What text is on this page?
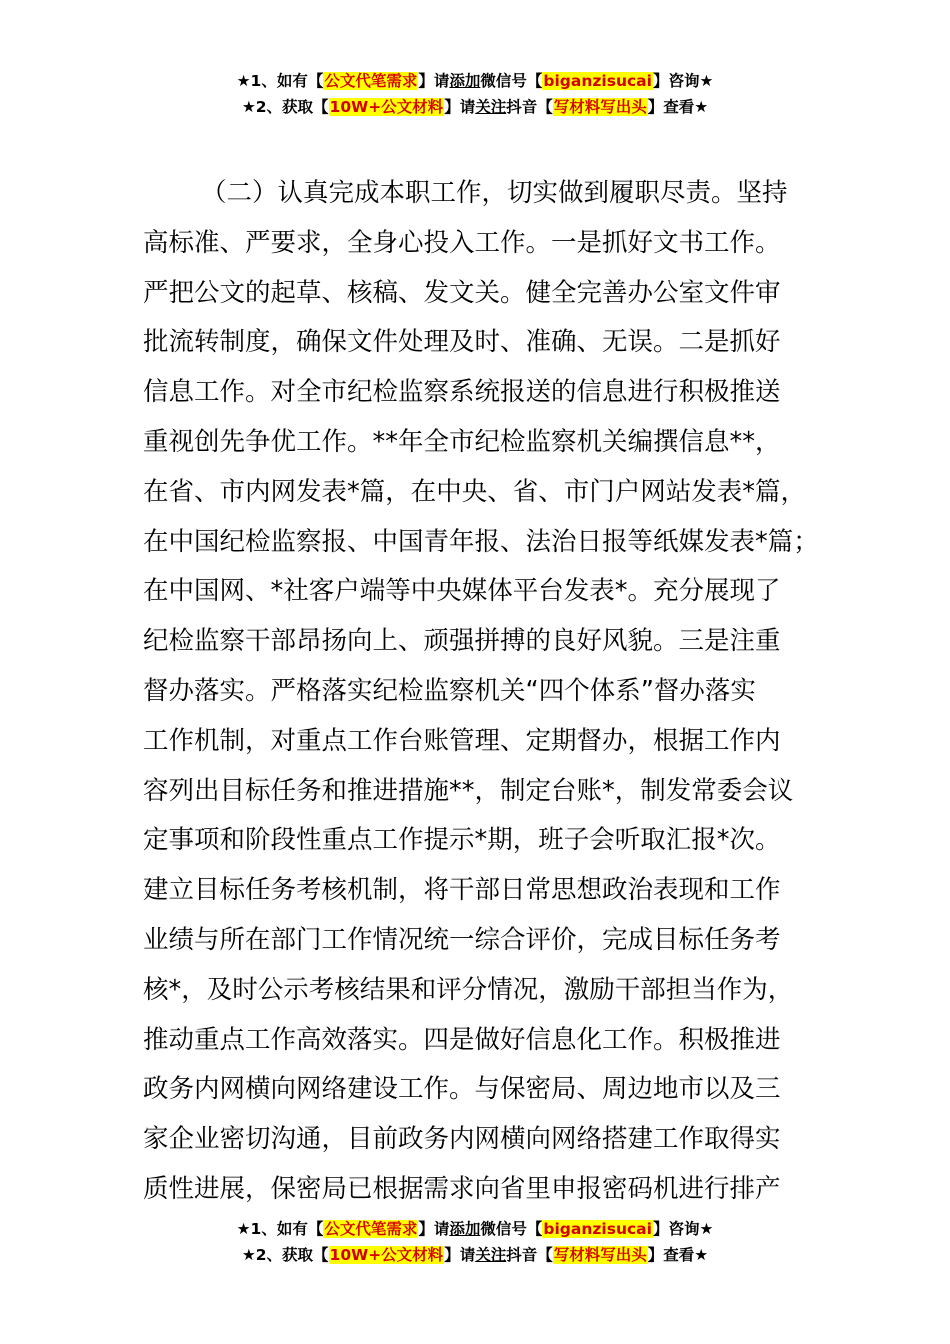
★1、如有【公文代笔需求】请添加微信号【biganzisucai】咨询★
★2、获取【10W+公文材料】请关注抖音【写材料写出头】查看★
（二）认真完成本职工作，切实做到履职尽责。坚持
高标准、严要求，全身心投入工作。一是抓好文书工作。
严把公文的起草、核稿、发文关。健全完善办公室文件审
批流转制度，确保文件处理及时、准确、无误。二是抓好
信息工作。对全市纪检监察系统报送的信息进行积极推送
重视创先争优工作。**年全市纪检监察机关编撰信息**，
在省、市内网发表*篇，在中央、省、市门户网站发表*篇，
在中国纪检监察报、中国青年报、法治日报等纸媒发表*篇；
在中国网、*社客户端等中央媒体平台发表*。充分展现了
纪检监察干部昂扬向上、顽强拼搏的良好风貌。三是注重
督办落实。严格落实纪检监察机关“四个体系”督办落实
工作机制，对重点工作台账管理、定期督办，根据工作内
容列出目标任务和推进措施**，制定台账*，制发常委会议
定事项和阶段性重点工作提示*期，班子会听取汇报*次。
建立目标任务考核机制，将干部日常思想政治表现和工作
业绩与所在部门工作情况统一综合评价，完成目标任务考
核*，及时公示考核结果和评分情况，激励干部担当作为，
推动重点工作高效落实。四是做好信息化工作。积极推进
政务内网横向网络建设工作。与保密局、周边地市以及三
家企业密切沟通，目前政务内网横向网络搭建工作取得实
质性进展，保密局已根据需求向省里申报密码机进行排产
★1、如有【公文代笔需求】请添加微信号【biganzisucai】咨询★
★2、获取【10W+公文材料】请关注抖音【写材料写出头】查看★
